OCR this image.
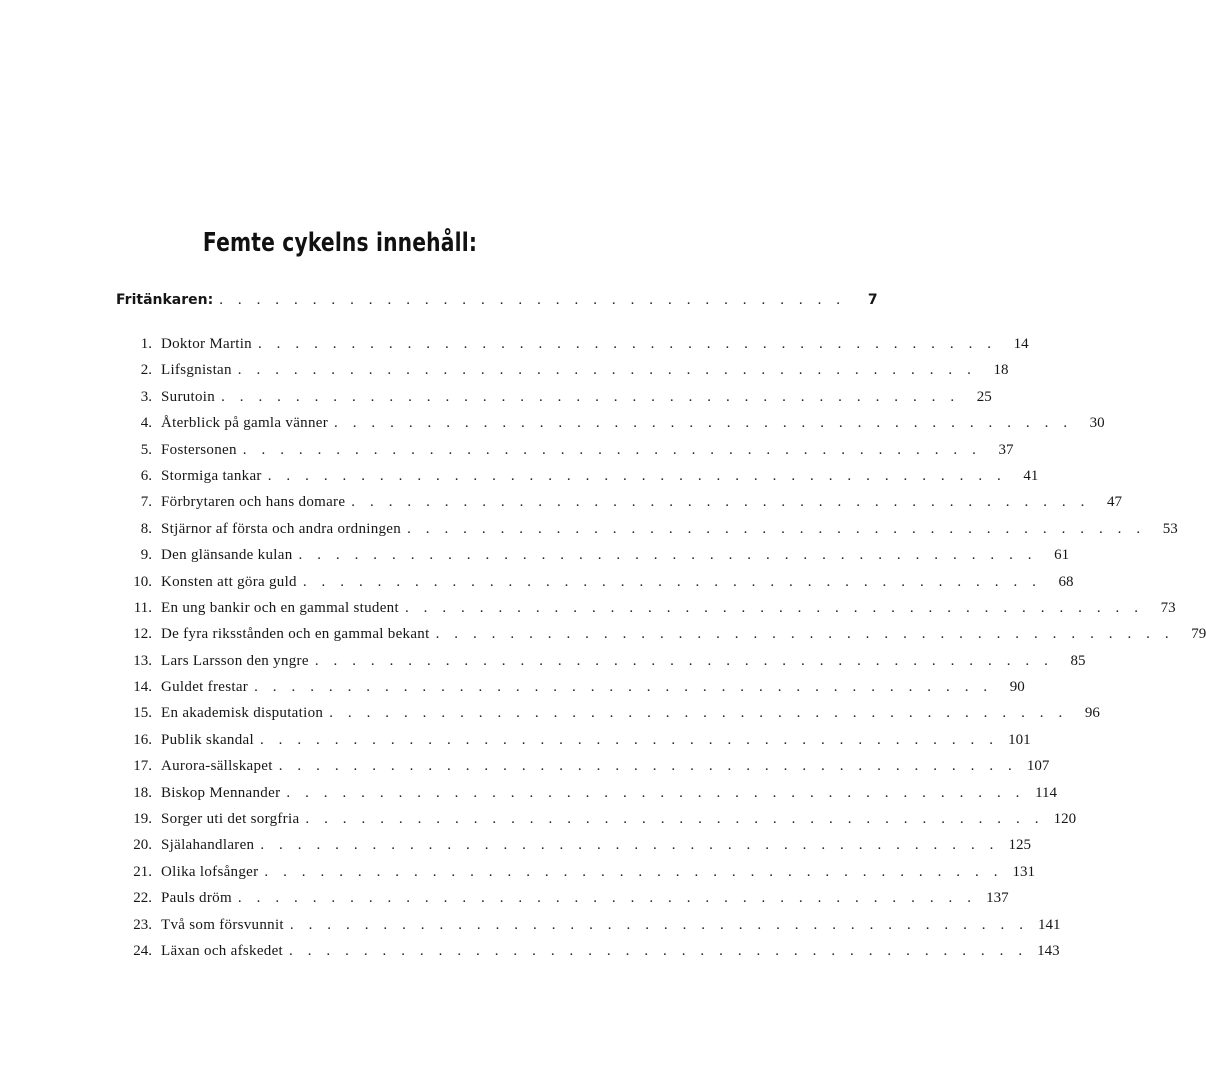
Femte cykelns innehåll:
Fritänkaren: . . . . . . . . . . . . . . . . . . . . . . . . . . . . . . . . . .	7
1. Doktor Martin . . . . . . . . . . . . . . . . . . . . . . . . . . . . . . . . . . . . . . . .	14
2. Lifsgnistan . . . . . . . . . . . . . . . . . . . . . . . . . . . . . . . . . . . . . . . .	18
3. Surutoin . . . . . . . . . . . . . . . . . . . . . . . . . . . . . . . . . . . . . . . .	25
4. Återblick på gamla vänner . . . . . . . . . . . . . . . . . . . . . . . . . . . . . . . . . . . . . . . .	30
5. Fostersonen . . . . . . . . . . . . . . . . . . . . . . . . . . . . . . . . . . . . . . . .	37
6. Stormiga tankar . . . . . . . . . . . . . . . . . . . . . . . . . . . . . . . . . . . . . . . .	41
7. Förbrytaren och hans domare . . . . . . . . . . . . . . . . . . . . . . . . . . . . . . . . . . . . . . . .	47
8. Stjärnor af första och andra ordningen . . . . . . . . . . . . . . . . . . . . . . . . . . . . . . . . . . . . . . . .	53
9. Den glänsande kulan . . . . . . . . . . . . . . . . . . . . . . . . . . . . . . . . . . . . . . . .	61
10. Konsten att göra guld . . . . . . . . . . . . . . . . . . . . . . . . . . . . . . . . . . . . . . . .	68
11. En ung bankir och en gammal student . . . . . . . . . . . . . . . . . . . . . . . . . . . . . . . . . . . . . . . .	73
12. De fyra riksstånden och en gammal bekant . . . . . . . . . . . . . . . . . . . . . . . . . . . . . . . . . . . . . . . .	79
13. Lars Larsson den yngre . . . . . . . . . . . . . . . . . . . . . . . . . . . . . . . . . . . . . . . .	85
14. Guldet frestar . . . . . . . . . . . . . . . . . . . . . . . . . . . . . . . . . . . . . . . .	90
15. En akademisk disputation . . . . . . . . . . . . . . . . . . . . . . . . . . . . . . . . . . . . . . . .	96
16. Publik skandal . . . . . . . . . . . . . . . . . . . . . . . . . . . . . . . . . . . . . . . . 101
17. Aurora-sällskapet . . . . . . . . . . . . . . . . . . . . . . . . . . . . . . . . . . . . . . . . 107
18. Biskop Mennander . . . . . . . . . . . . . . . . . . . . . . . . . . . . . . . . . . . . . . . . 114
19. Sorger uti det sorgfria . . . . . . . . . . . . . . . . . . . . . . . . . . . . . . . . . . . . . . . . 120
20. Själahandlaren . . . . . . . . . . . . . . . . . . . . . . . . . . . . . . . . . . . . . . . . 125
21. Olika lofsånger . . . . . . . . . . . . . . . . . . . . . . . . . . . . . . . . . . . . . . . . 131
22. Pauls dröm . . . . . . . . . . . . . . . . . . . . . . . . . . . . . . . . . . . . . . . . 137
23. Två som försvunnit . . . . . . . . . . . . . . . . . . . . . . . . . . . . . . . . . . . . . . . . 141
24. Läxan och afskedet . . . . . . . . . . . . . . . . . . . . . . . . . . . . . . . . . . . . . . . . 143
